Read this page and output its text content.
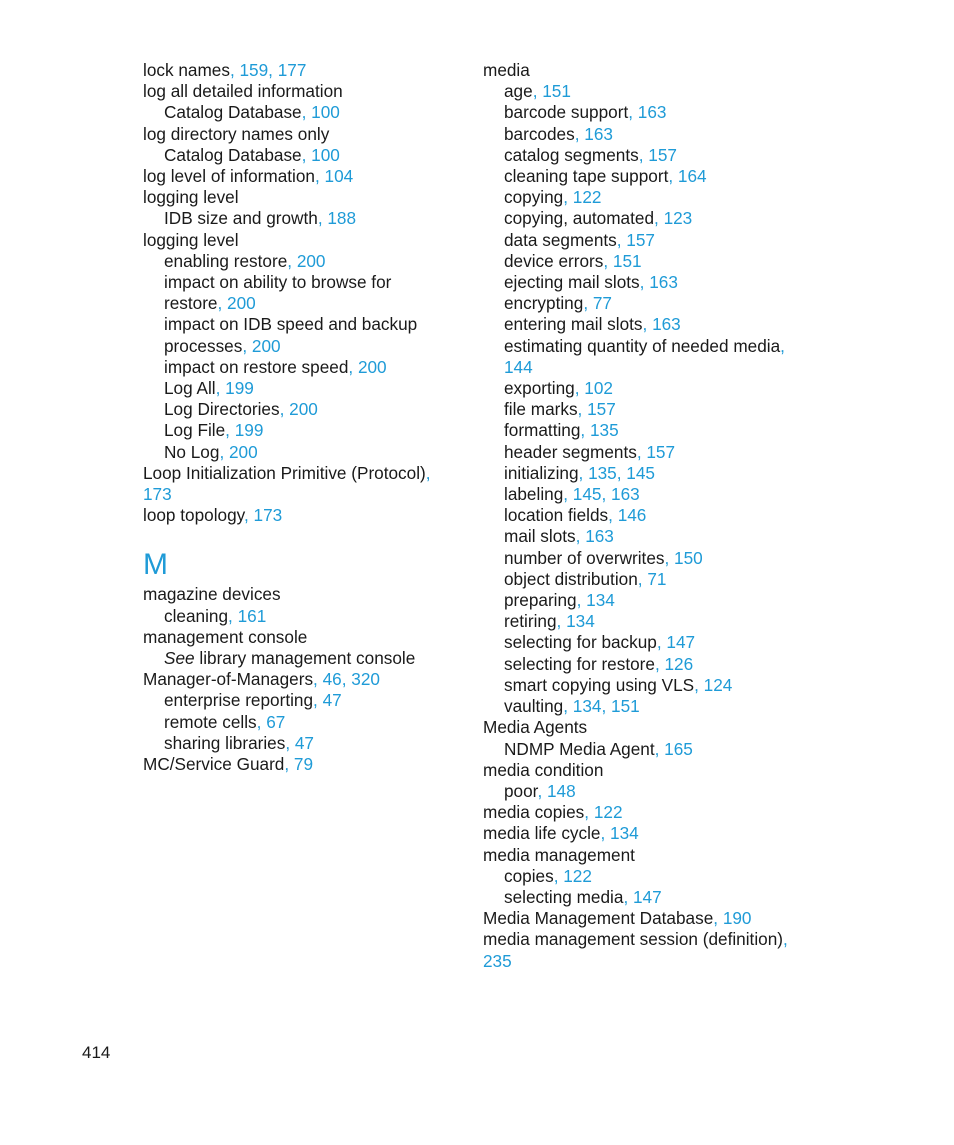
lock names, 159, 177
log all detailed information
Catalog Database, 100
log directory names only
Catalog Database, 100
log level of information, 104
logging level
IDB size and growth, 188
logging level
enabling restore, 200
impact on ability to browse for
restore, 200
impact on IDB speed and backup
processes, 200
impact on restore speed, 200
Log All, 199
Log Directories, 200
Log File, 199
No Log, 200
Loop Initialization Primitive (Protocol),
173
loop topology, 173
M
magazine devices
cleaning, 161
management console
See library management console
Manager-of-Managers, 46, 320
enterprise reporting, 47
remote cells, 67
sharing libraries, 47
MC/Service Guard, 79
media
age, 151
barcode support, 163
barcodes, 163
catalog segments, 157
cleaning tape support, 164
copying, 122
copying, automated, 123
data segments, 157
device errors, 151
ejecting mail slots, 163
encrypting, 77
entering mail slots, 163
estimating quantity of needed media,
144
exporting, 102
file marks, 157
formatting, 135
header segments, 157
initializing, 135, 145
labeling, 145, 163
location fields, 146
mail slots, 163
number of overwrites, 150
object distribution, 71
preparing, 134
retiring, 134
selecting for backup, 147
selecting for restore, 126
smart copying using VLS, 124
vaulting, 134, 151
Media Agents
NDMP Media Agent, 165
media condition
poor, 148
media copies, 122
media life cycle, 134
media management
copies, 122
selecting media, 147
Media Management Database, 190
media management session (definition),
235
414
